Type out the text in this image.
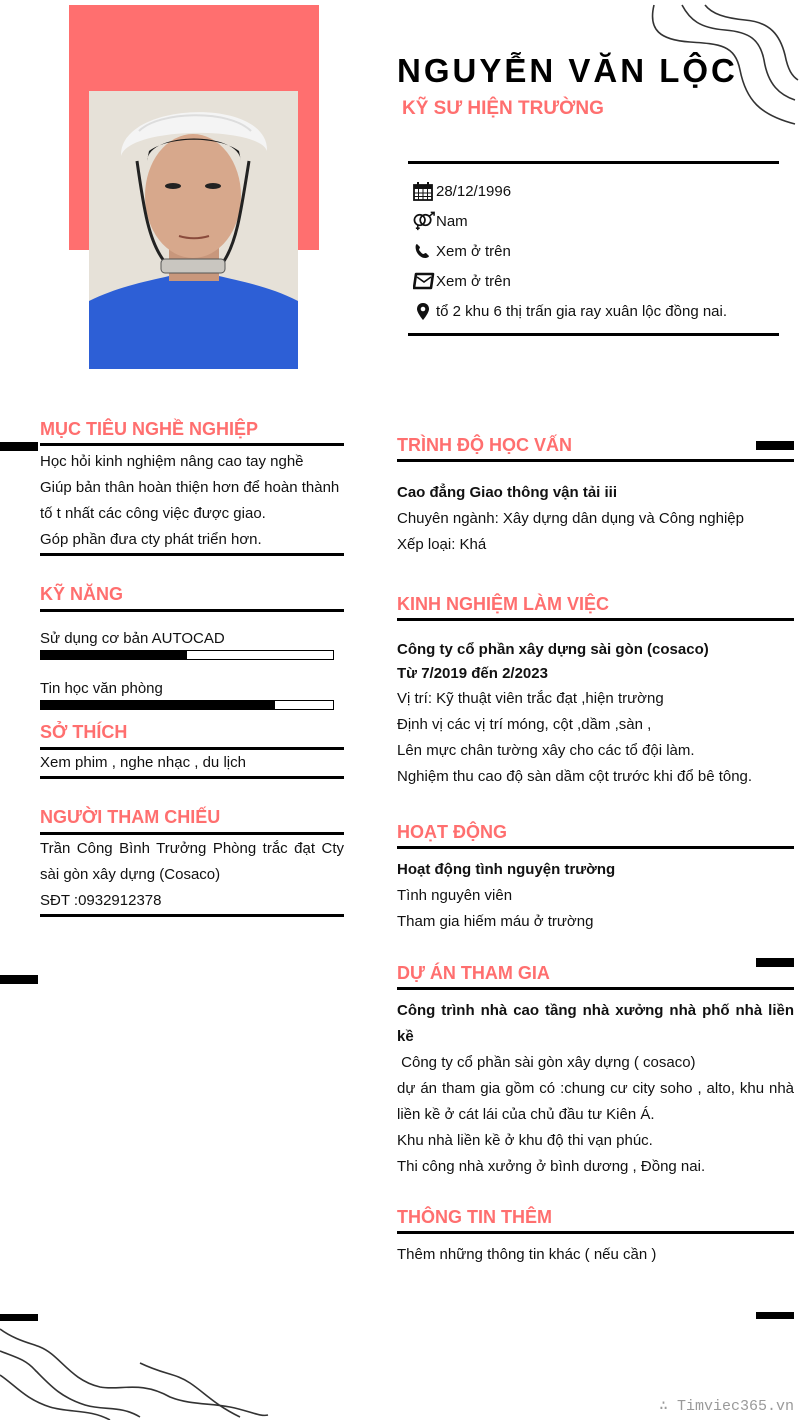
NGUYỄN VĂN LỘC
KỸ SƯ HIỆN TRƯỜNG
28/12/1996
Nam
Xem ở trên
Xem ở trên
tổ 2 khu 6 thị trấn gia ray xuân lộc đồng nai.
MỤC TIÊU NGHỀ NGHIỆP
Học hỏi kinh nghiệm nâng cao tay nghề
Giúp bản thân hoàn thiện hơn để hoàn thành
tố t nhất các công việc được giao.
Góp phần đưa cty phát triển hơn.
KỸ NĂNG
Sử dụng cơ bản AUTOCAD
Tin học văn phòng
SỞ THÍCH
Xem phim , nghe nhạc , du lịch
NGƯỜI THAM CHIẾU
Trần Công Bình Trưởng Phòng trắc đạt Cty sài gòn xây dựng (Cosaco)
SĐT :0932912378
TRÌNH ĐỘ HỌC VẤN
Cao đẳng Giao thông vận tải iii
Chuyên ngành: Xây dựng dân dụng và Công nghiệp
Xếp loại: Khá
KINH NGHIỆM LÀM VIỆC
Công ty cổ phần xây dựng sài gòn (cosaco)
Từ 7/2019 đến 2/2023
Vị trí: Kỹ thuật viên trắc đạt ,hiện trường
Định vị các vị trí móng, cột ,dầm ,sàn ,
Lên mực chân tường xây cho các tổ đội làm.
Nghiệm thu cao độ sàn dầm cột trước khi đổ bê tông.
HOẠT ĐỘNG
Hoạt động tình nguyện trường
Tình nguyên viên
Tham gia hiếm máu ở trường
DỰ ÁN THAM GIA
Công trình nhà cao tầng nhà xưởng nhà phố nhà liền kề
Công ty cổ phần sài gòn xây dựng ( cosaco)
dự án tham gia gồm có :chung cư city soho , alto, khu nhà liền kề ở cát lái của chủ đầu tư Kiên Á.
Khu nhà liền kề ở khu độ thi vạn phúc.
Thi công nhà xưởng ở bình dương , Đồng nai.
THÔNG TIN THÊM
Thêm những thông tin khác ( nếu cần )
∴ Timviec365.vn
